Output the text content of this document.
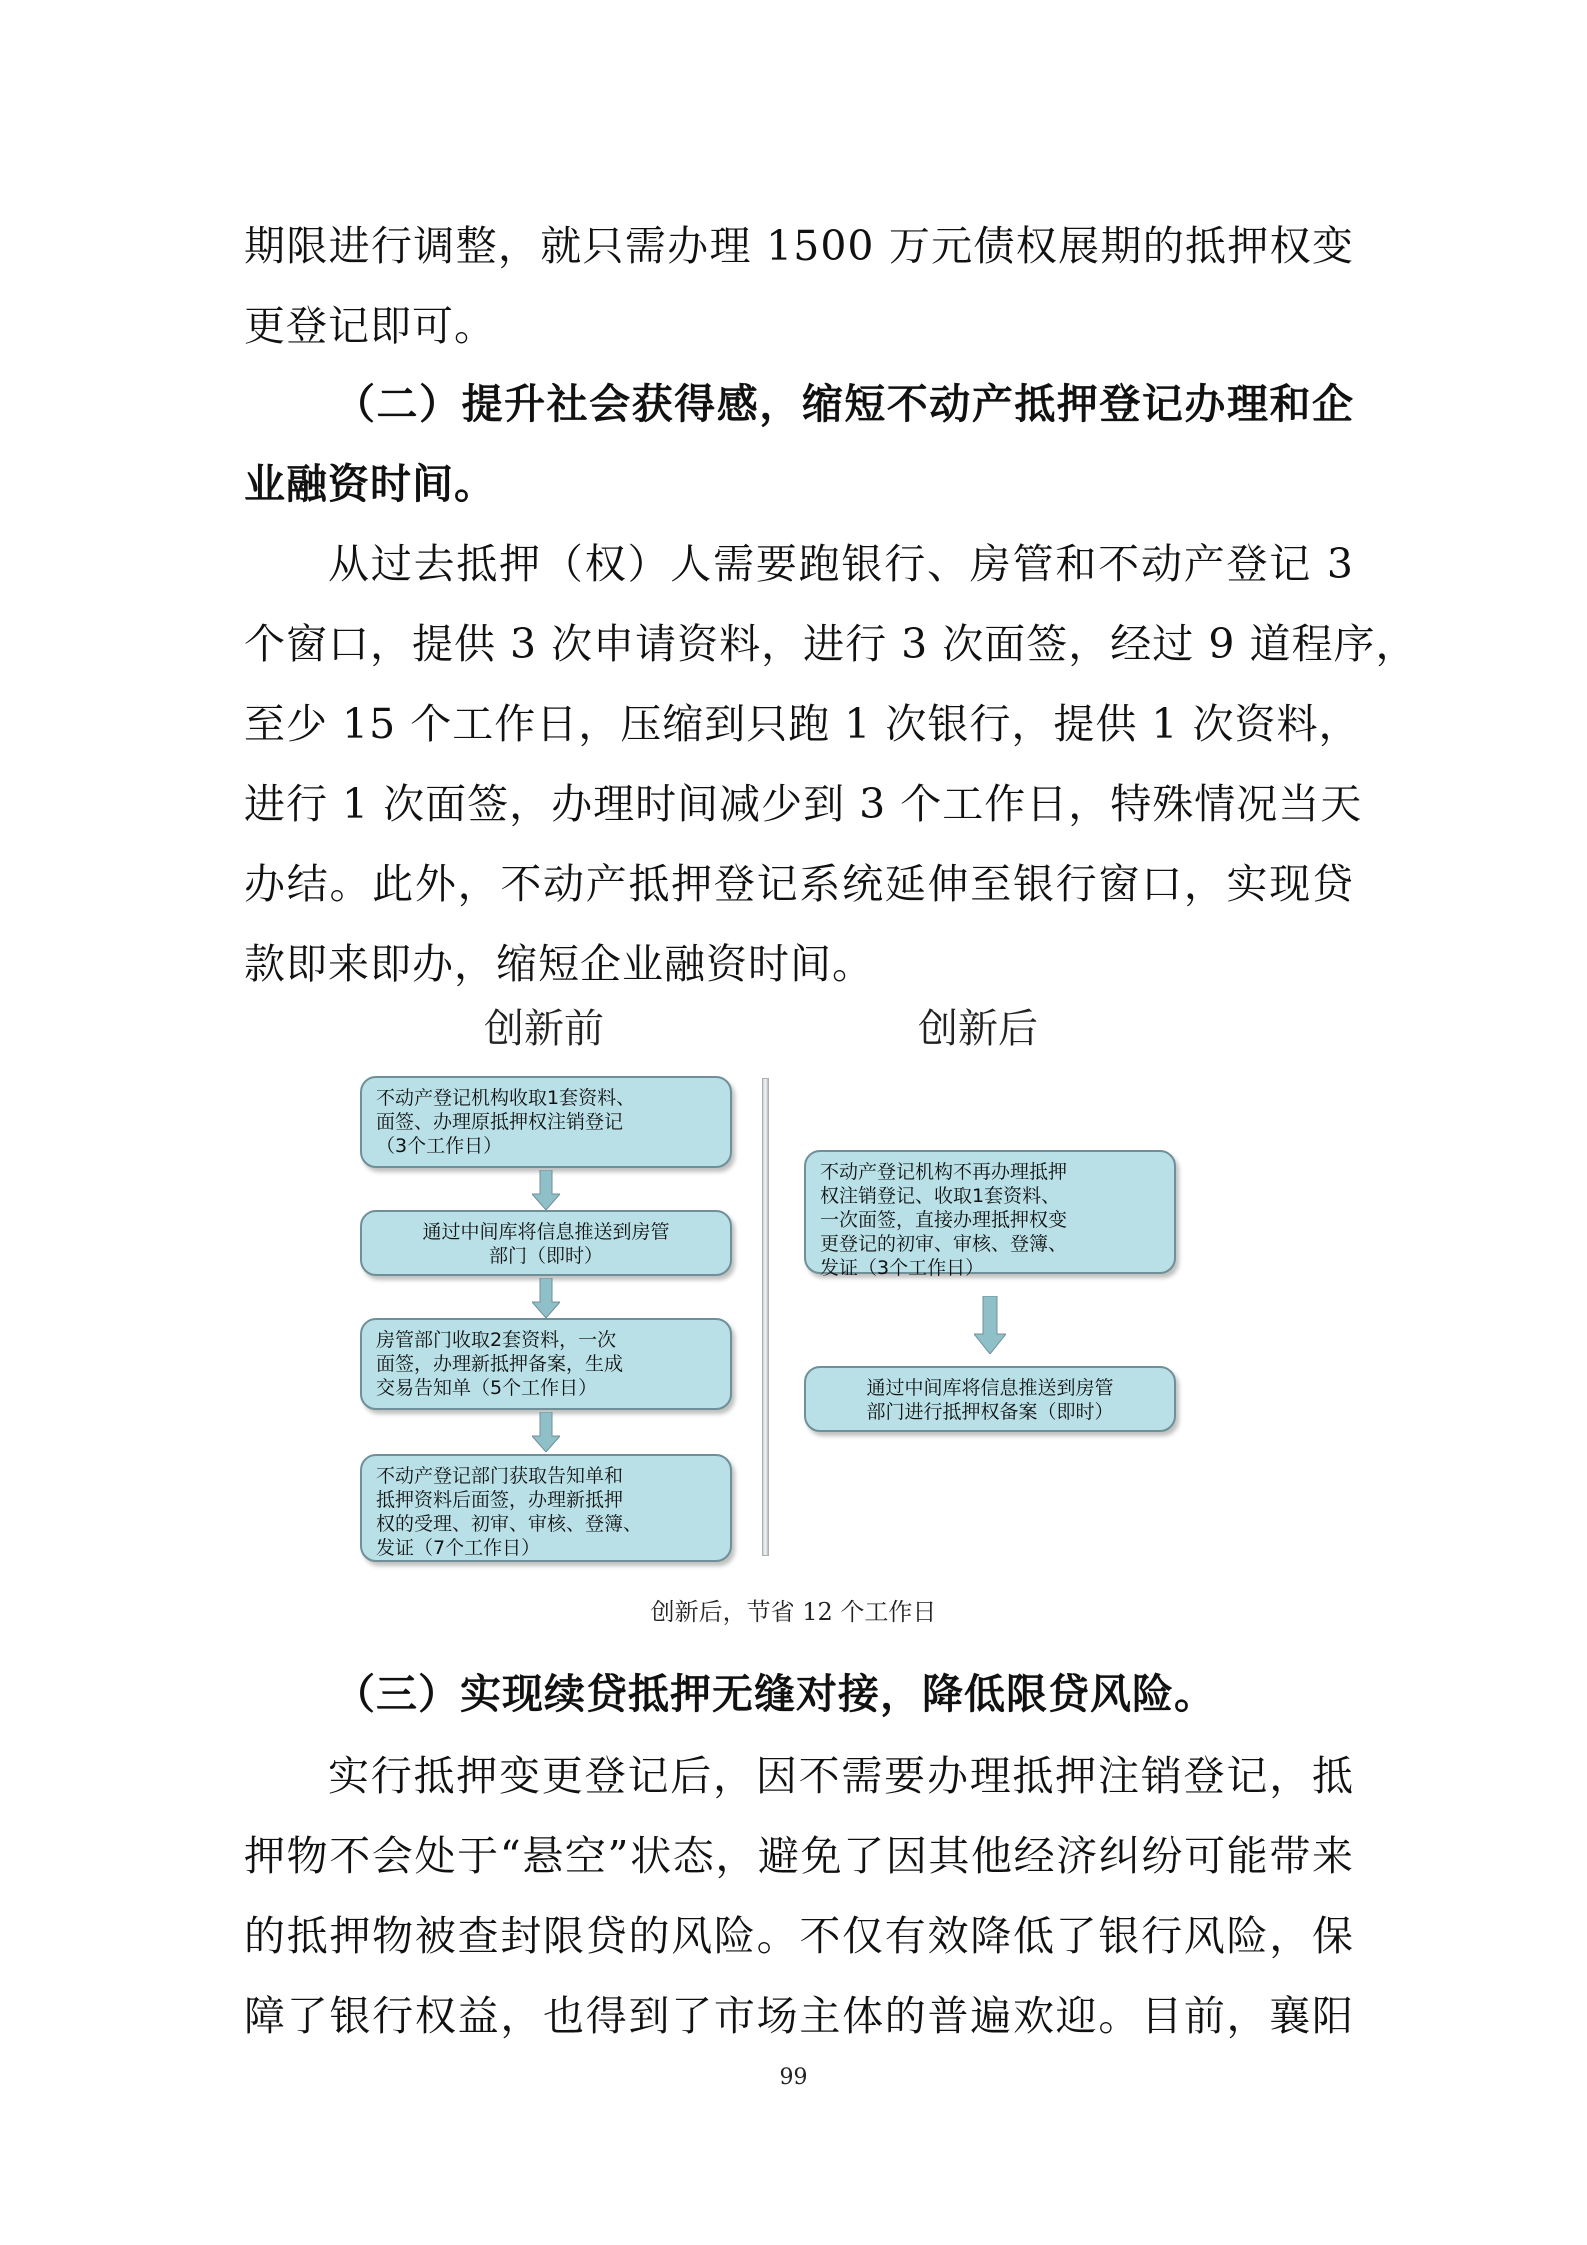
期限进行调整，就只需办理 1500 万元债权展期的抵押权变
更登记即可。
（二）提升社会获得感，缩短不动产抵押登记办理和企
业融资时间。
从过去抵押（权）人需要跑银行、房管和不动产登记 3
个窗口，提供 3 次申请资料，进行 3 次面签，经过 9 道程序，
至少 15 个工作日，压缩到只跑 1 次银行，提供 1 次资料，
进行 1 次面签，办理时间减少到 3 个工作日，特殊情况当天
办结。此外，不动产抵押登记系统延伸至银行窗口，实现贷
款即来即办，缩短企业融资时间。
创新前	创新后
不动产登记机构收取1套资料、
面签、办理原抵押权注销登记
（3个工作日）
通过中间库将信息推送到房管
部门（即时）
房管部门收取2套资料，一次
面签，办理新抵押备案，生成
交易告知单（5个工作日）
不动产登记部门获取告知单和
抵押资料后面签，办理新抵押
权的受理、初审、审核、登簿、
发证（7个工作日）
不动产登记机构不再办理抵押
权注销登记、收取1套资料、
一次面签，直接办理抵押权变
更登记的初审、审核、登簿、
发证（3个工作日）
通过中间库将信息推送到房管
部门进行抵押权备案（即时）
创新后，节省 12 个工作日
（三）实现续贷抵押无缝对接，降低限贷风险。
实行抵押变更登记后，因不需要办理抵押注销登记，抵
押物不会处于“悬空”状态，避免了因其他经济纠纷可能带来
的抵押物被查封限贷的风险。不仅有效降低了银行风险，保
障了银行权益，也得到了市场主体的普遍欢迎。目前，襄阳
99
